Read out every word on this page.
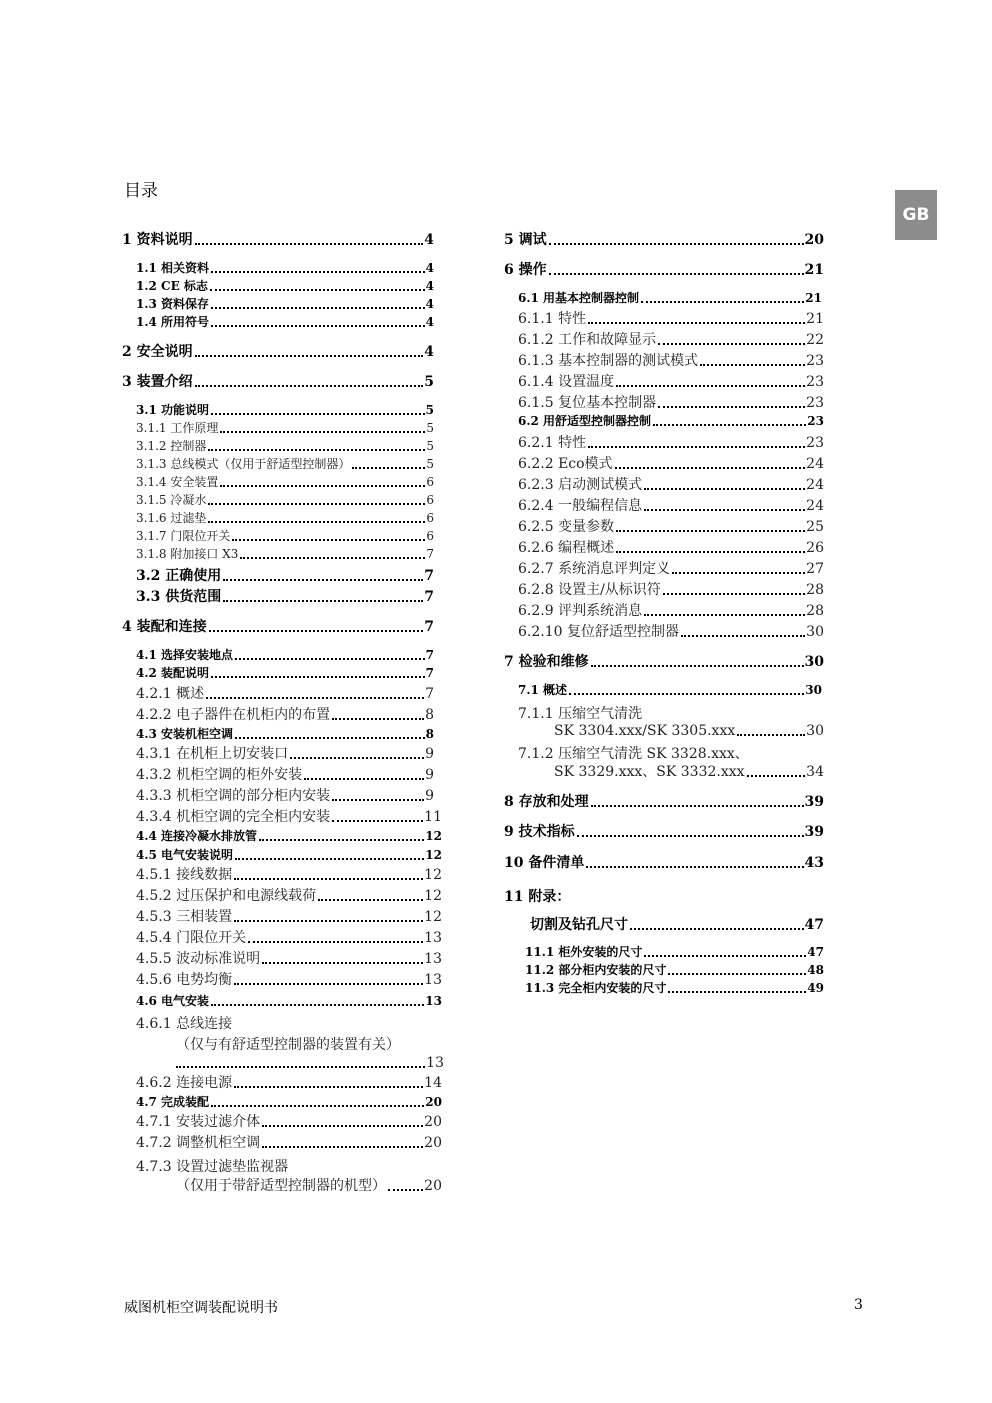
目录
GB
1 资料说明	4
1.1 相关资料	4
1.2 CE 标志	4
1.3 资料保存	4
1.4 所用符号	4
2 安全说明	4
3 装置介绍	5
3.1 功能说明	5
3.1.1 工作原理	5
3.1.2 控制器	5
3.1.3 总线模式（仅用于舒适型控制器）	5
3.1.4 安全装置	6
3.1.5 冷凝水	6
3.1.6 过滤垫	6
3.1.7 门限位开关	6
3.1.8 附加接口 X3	7
3.2 正确使用	7
3.3 供货范围	7
4 装配和连接	7
4.1 选择安装地点	7
4.2 装配说明	7
4.2.1 概述	7
4.2.2 电子器件在机柜内的布置	8
4.3 安装机柜空调	8
4.3.1 在机柜上切安装口	9
4.3.2 机柜空调的柜外安装	9
4.3.3 机柜空调的部分柜内安装	9
4.3.4 机柜空调的完全柜内安装	11
4.4 连接冷凝水排放管	12
4.5 电气安装说明	12
4.5.1 接线数据	12
4.5.2 过压保护和电源线载荷	12
4.5.3 三相装置	12
4.5.4 门限位开关	13
4.5.5 波动标准说明	13
4.5.6 电势均衡	13
4.6 电气安装	13
4.6.1 总线连接
（仅与有舒适型控制器的装置有关）
13
4.6.2 连接电源	14
4.7 完成装配	20
4.7.1 安装过滤介体	20
4.7.2 调整机柜空调	20
4.7.3 设置过滤垫监视器
（仅用于带舒适型控制器的机型）	20
5 调试	20
6 操作	21
6.1 用基本控制器控制	21
6.1.1 特性	21
6.1.2 工作和故障显示	22
6.1.3 基本控制器的测试模式	23
6.1.4 设置温度	23
6.1.5 复位基本控制器	23
6.2 用舒适型控制器控制	23
6.2.1 特性	23
6.2.2 Eco模式	24
6.2.3 启动测试模式	24
6.2.4 一般编程信息	24
6.2.5 变量参数	25
6.2.6 编程概述	26
6.2.7 系统消息评判定义	27
6.2.8 设置主/从标识符	28
6.2.9 评判系统消息	28
6.2.10 复位舒适型控制器	30
7 检验和维修	30
7.1 概述	30
7.1.1 压缩空气清洗
SK 3304.xxx/SK 3305.xxx	30
7.1.2 压缩空气清洗 SK 3328.xxx、
SK 3329.xxx、SK 3332.xxx	34
8 存放和处理	39
9 技术指标	39
10 备件清单	43
11 附录：
切割及钻孔尺寸	47
11.1 柜外安装的尺寸	47
11.2 部分柜内安装的尺寸	48
11.3 完全柜内安装的尺寸	49
威图机柜空调装配说明书	3
